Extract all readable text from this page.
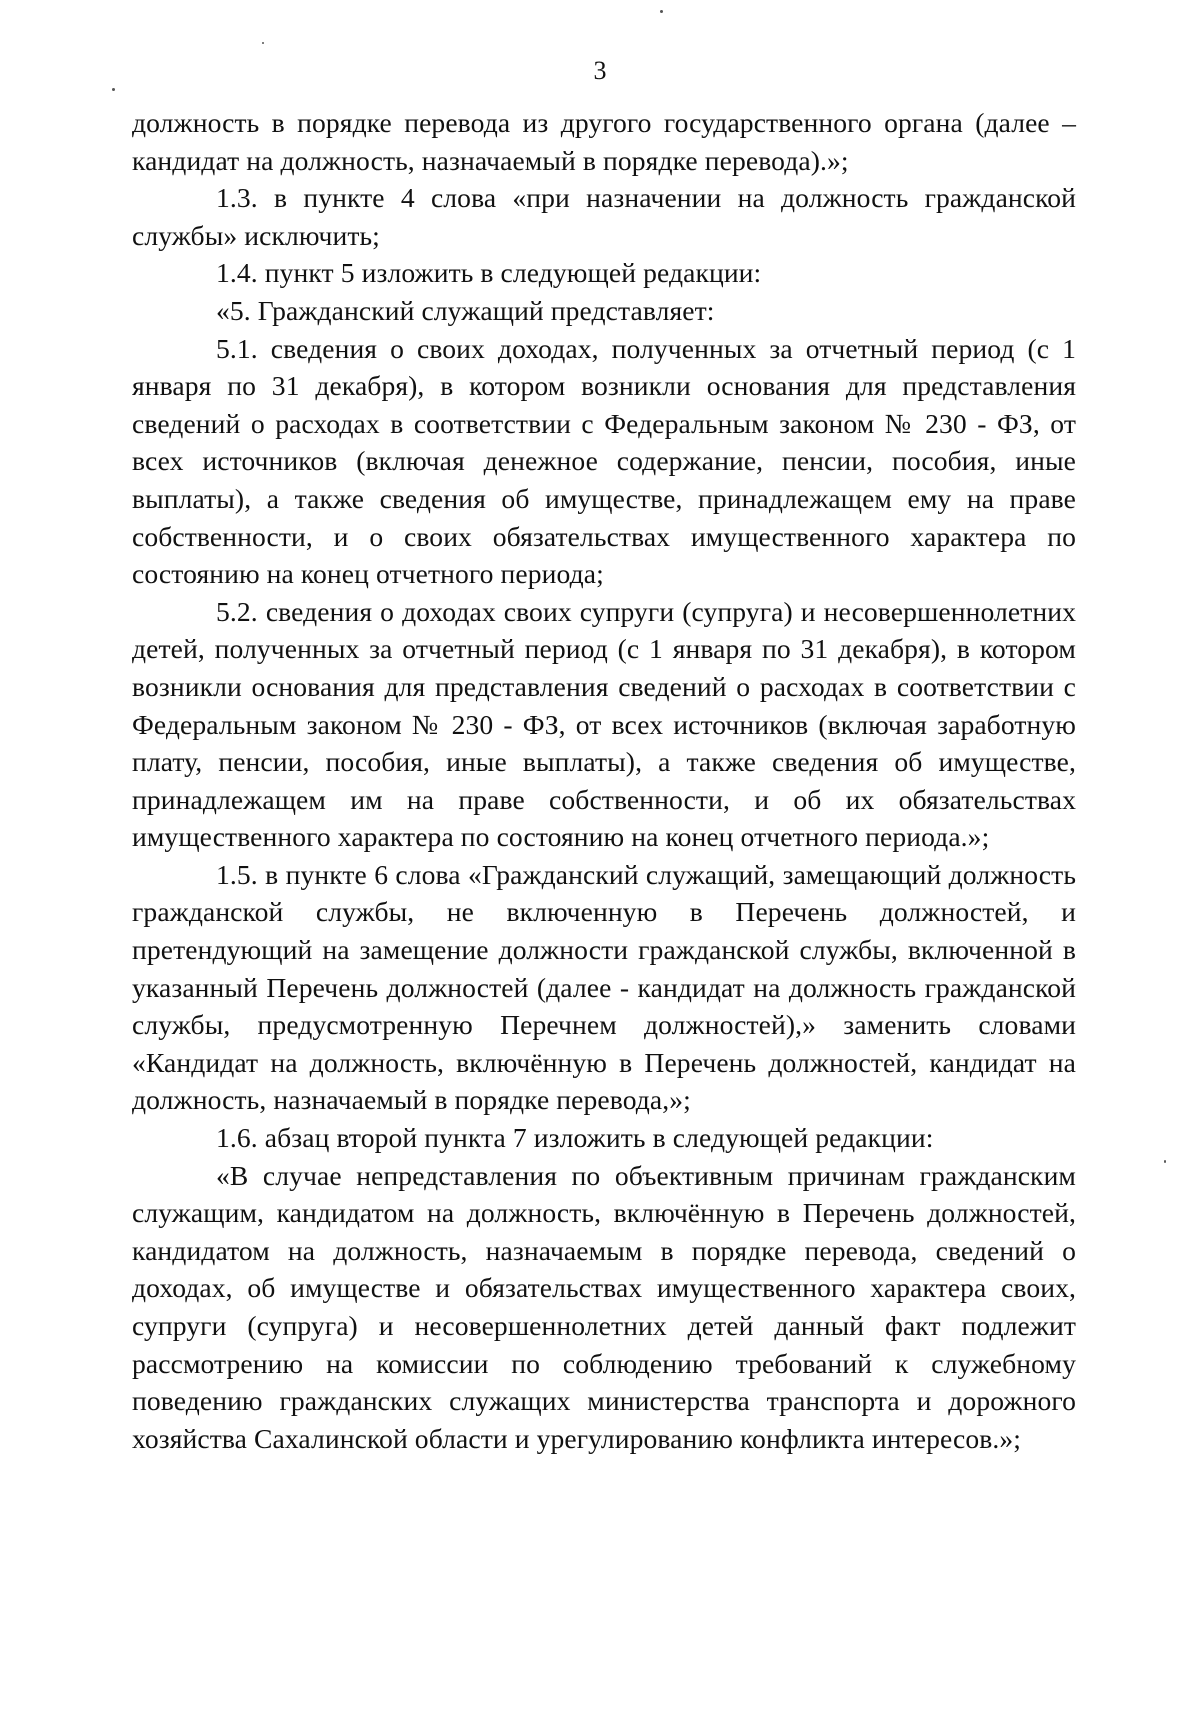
3

должность в порядке перевода из другого государственного органа (далее – кандидат на должность, назначаемый в порядке перевода).»;

1.3. в пункте 4 слова «при назначении на должность гражданской службы» исключить;

1.4. пункт 5 изложить в следующей редакции:

«5. Гражданский служащий представляет:

5.1. сведения о своих доходах, полученных за отчетный период (с 1 января по 31 декабря), в котором возникли основания для представления сведений о расходах в соответствии с Федеральным законом № 230 - ФЗ, от всех источников (включая денежное содержание, пенсии, пособия, иные выплаты), а также сведения об имуществе, принадлежащем ему на праве собственности, и о своих обязательствах имущественного характера по состоянию на конец отчетного периода;

5.2. сведения о доходах своих супруги (супруга) и несовершеннолетних детей, полученных за отчетный период (с 1 января по 31 декабря), в котором возникли основания для представления сведений о расходах в соответствии с Федеральным законом № 230 - ФЗ, от всех источников (включая заработную плату, пенсии, пособия, иные выплаты), а также сведения об имуществе, принадлежащем им на праве собственности, и об их обязательствах имущественного характера по состоянию на конец отчетного периода.»;

1.5. в пункте 6 слова «Гражданский служащий, замещающий должность гражданской службы, не включенную в Перечень должностей, и претендующий на замещение должности гражданской службы, включенной в указанный Перечень должностей (далее - кандидат на должность гражданской службы, предусмотренную Перечнем должностей),» заменить словами «Кандидат на должность, включённую в Перечень должностей, кандидат на должность, назначаемый в порядке перевода,»;

1.6. абзац второй пункта 7 изложить в следующей редакции:

«В случае непредставления по объективным причинам гражданским служащим, кандидатом на должность, включённую в Перечень должностей, кандидатом на должность, назначаемым в порядке перевода, сведений о доходах, об имуществе и обязательствах имущественного характера своих, супруги (супруга) и несовершеннолетних детей данный факт подлежит рассмотрению на комиссии по соблюдению требований к служебному поведению гражданских служащих министерства транспорта и дорожного хозяйства Сахалинской области и урегулированию конфликта интересов.»;
